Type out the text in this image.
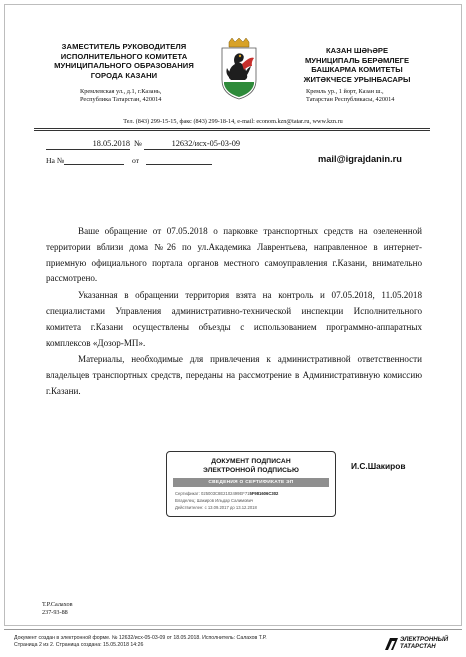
ЗАМЕСТИТЕЛЬ РУКОВОДИТЕЛЯ
ИСПОЛНИТЕЛЬНОГО КОМИТЕТА
МУНИЦИПАЛЬНОГО ОБРАЗОВАНИЯ
ГОРОДА КАЗАНИ
Кремлевская ул., д.1, г.Казань,
Республика Татарстан, 420014
КАЗАН ШӘҺӘРЕ
МУНИЦИПАЛЬ БЕРӘМЛЕГЕ
БАШКАРМА КОМИТЕТЫ
ЖИТӘКЧЕСЕ УРЫНБАСАРЫ
Кремль ур., 1 йорт, Казан ш.,
Татарстан Республикасы, 420014
Тел. (843) 299-15-15, факс (843) 299-18-14, e-mail: econom.kzn@tatar.ru, www.kzn.ru
18.05.2018 №	12632/исх-05-03-09
На №	от	mail@igrajdanin.ru

Ваше обращение от 07.05.2018 о парковке транспортных средств на озелененной территории вблизи дома №26 по ул.Академика Лаврентьева, направленное в интернет-приемную официального портала органов местного самоуправления г.Казани, внимательно рассмотрено.

Указанная в обращении территория взята на контроль и 07.05.2018, 11.05.2018 специалистами Управления административно-технической инспекции Исполнительного комитета г.Казани осуществлены объезды с использованием программно-аппаратных комплексов «Дозор-МП».

Материалы, необходимые для привлечения к административной ответственности владельцев транспортных средств, переданы на рассмотрение в Административную комиссию г.Казани.

ДОКУМЕНТ ПОДПИСАН
ЭЛЕКТРОННОЙ ПОДПИСЬЮ
СВЕДЕНИЯ О СЕРТИФИКАТЕ ЭП
Сертификат: 025003C8E2102499EF715F981606C302
Владелец: Шакиров Ильдар Салимович
Действителен: с 13.09.2017 до 13.12.2018
И.С.Шакиров
Т.Р.Салахов
237-93-88
Документ создан в электронной форме. № 12632/исх-05-03-09 от 18.05.2018. Исполнитель: Салахов Т.Р.
Страница 2 из 2. Страница создана: 15.05.2018 14:26
ЭЛЕКТРОННЫЙ
ТАТАРСТАН
